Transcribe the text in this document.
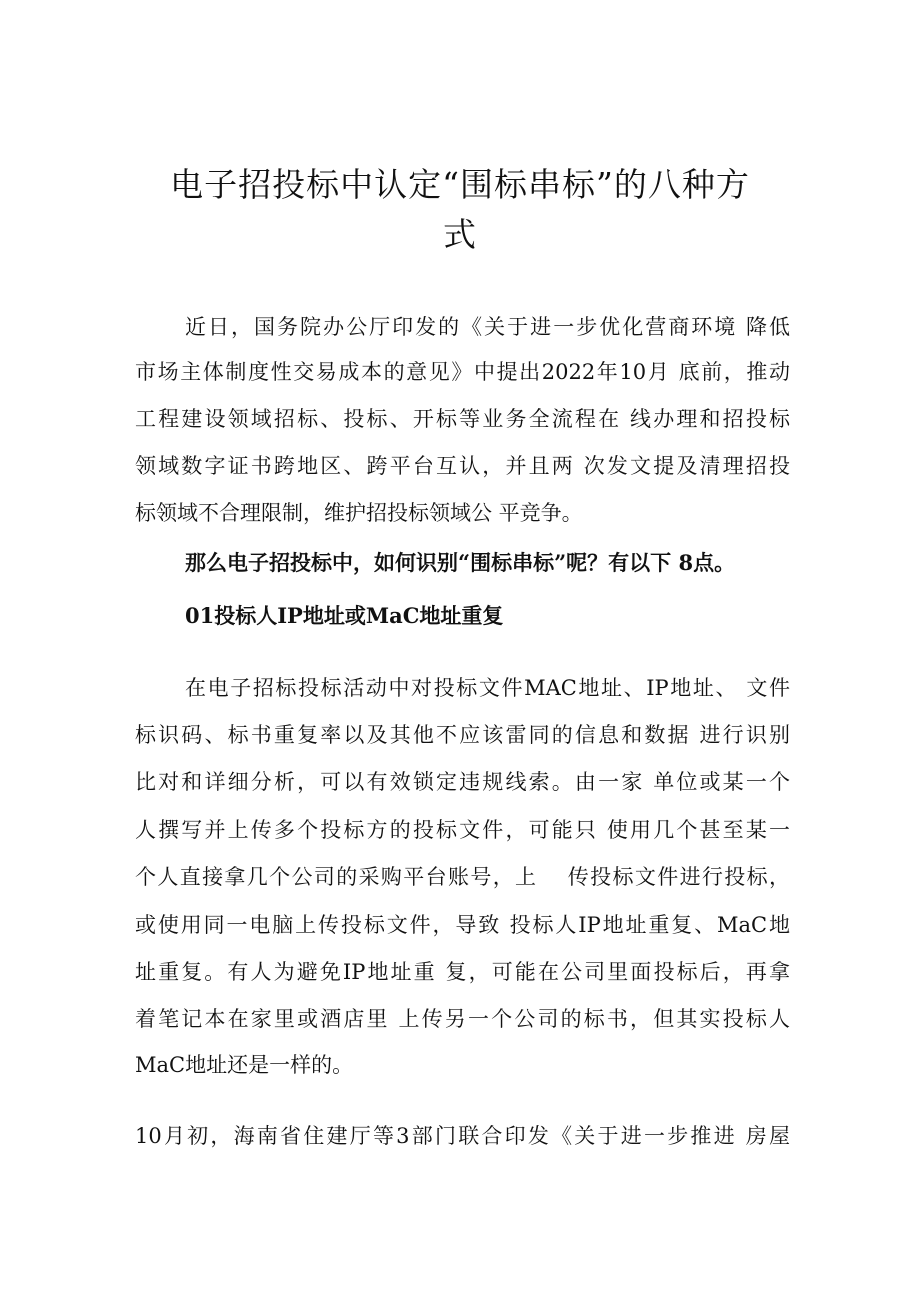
电子招投标中认定“围标串标”的八种方
式
近日，国务院办公厅印发的《关于进一步优化营商环境 降低
市场主体制度性交易成本的意见》中提出2022年10月 底前，推动
工程建设领域招标、投标、开标等业务全流程在 线办理和招投标
领域数字证书跨地区、跨平台互认，并且两 次发文提及清理招投
标领域不合理限制，维护招投标领域公 平竞争。
那么电子招投标中，如何识别“围标串标”呢？有以下 8点。
01投标人IP地址或MaC地址重复
在电子招标投标活动中对投标文件MAC地址、IP地址、 文件
标识码、标书重复率以及其他不应该雷同的信息和数据 进行识别
比对和详细分析，可以有效锁定违规线索。由一家 单位或某一个
人撰写并上传多个投标方的投标文件，可能只 使用几个甚至某一
个人直接拿几个公司的采购平台账号，上　 传投标文件进行投标，
或使用同一电脑上传投标文件，导致 投标人IP地址重复、MaC地
址重复。有人为避免IP地址重 复，可能在公司里面投标后，再拿
着笔记本在家里或酒店里 上传另一个公司的标书，但其实投标人
MaC地址还是一样的。
10月初，海南省住建厅等3部门联合印发《关于进一步推进 房屋
